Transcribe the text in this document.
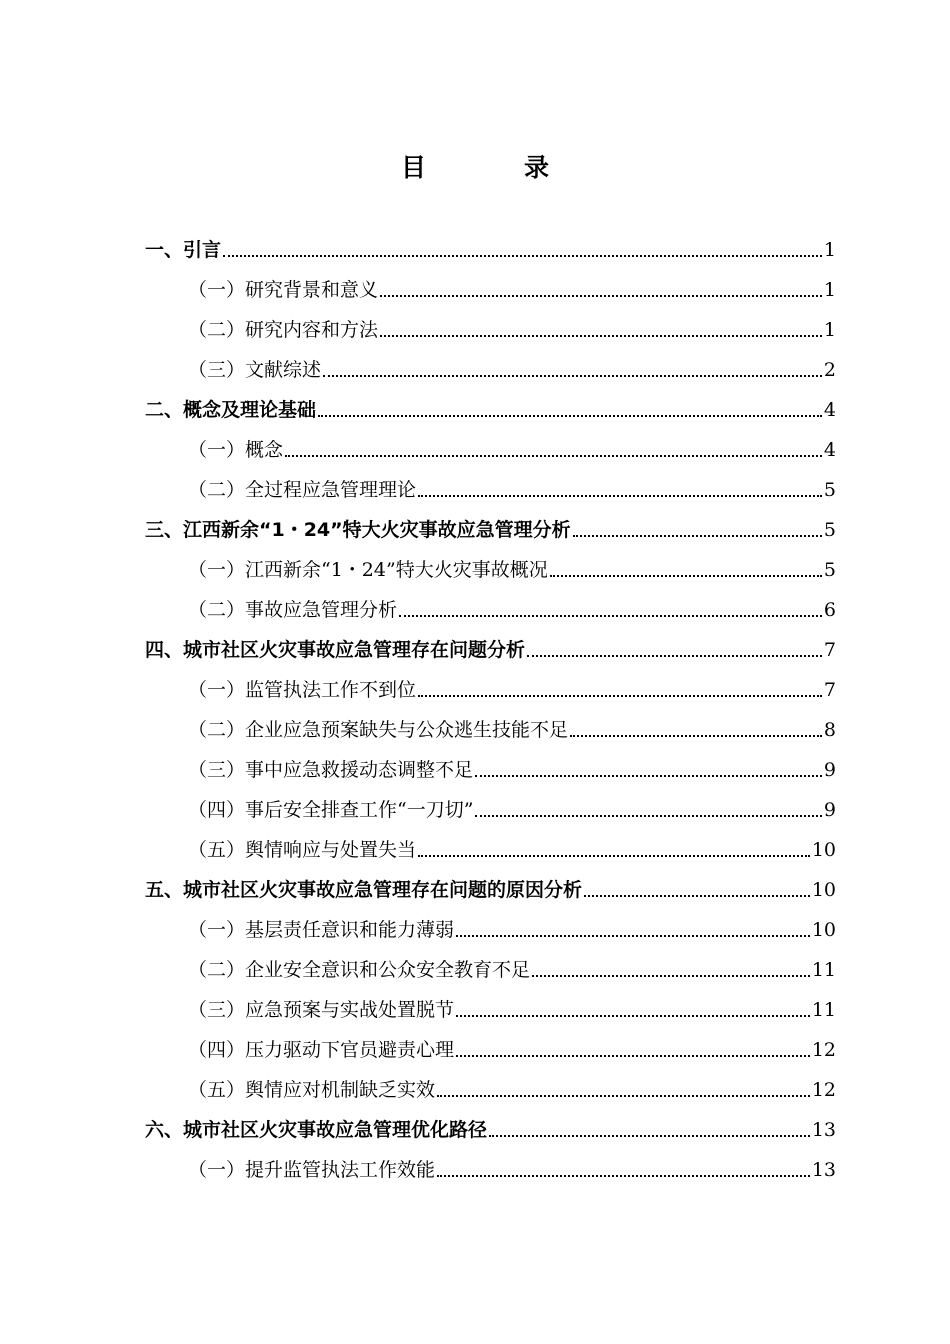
目	录
一、引言	1
（一）研究背景和意义	1
（二）研究内容和方法	1
（三）文献综述	2
二、概念及理论基础	4
（一）概念	4
（二）全过程应急管理理论	5
三、江西新余“1・24”特大火灾事故应急管理分析	5
（一）江西新余“1・24”特大火灾事故概况	5
（二）事故应急管理分析	6
四、城市社区火灾事故应急管理存在问题分析	7
（一）监管执法工作不到位	7
（二）企业应急预案缺失与公众逃生技能不足	8
（三）事中应急救援动态调整不足	9
（四）事后安全排查工作“一刀切”	9
（五）舆情响应与处置失当	10
五、城市社区火灾事故应急管理存在问题的原因分析	10
（一）基层责任意识和能力薄弱	10
（二）企业安全意识和公众安全教育不足	11
（三）应急预案与实战处置脱节	11
（四）压力驱动下官员避责心理	12
（五）舆情应对机制缺乏实效	12
六、城市社区火灾事故应急管理优化路径	13
（一）提升监管执法工作效能	13
